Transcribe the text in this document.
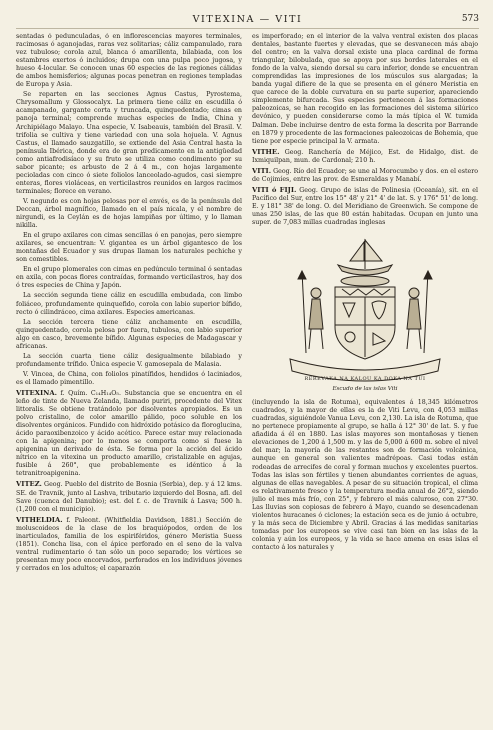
VITEXINA — VITI	573

sentadas ó pedunculadas, ó en inflorescencias mayores terminales, racimosas ó aganojadas, raras vez solitarias; cáliz campanulado, rara vez tubuloso; corola azul, blanca ó amarillenta, bilabiada, con los estambres exertos ó incluidos; drupa con una pulpa poco jugosa, y hueso 4-locular. Se conocen unas 60 especies de las regiones cálidas de ambos hemisferios; algunas pocas penetran en regiones templadas de Europa y Asia.

Se reparten en las secciones Agnus Castus, Pyrostema, Chrysomallum y Glossocalyx. La primera tiene cáliz en escudilla ó acampanado, gargante corta y truncada, quinquedentado; cimas en panoja terminal; comprende muchas especies de India, China y Archipiélago Malayo. Una especie, V. Isabeauis, también del Brasil. V. trifolia se cultiva y tiene variedad con una sola hojuela. V. Agnus Castus, el llamado sauzgatillo, se extiende del Asia Central hasta la península Ibérica, donde era de gran predicamento en la antigüedad como antiafrodisíaco y su fruto se utiliza como condimento por su sabor picante; es arbusto de 2 á 4 m., con hojas largamente pecioladas con cinco ó siete foliolos lanceolado-agudos, casi siempre enteras, flores violáceas, en verticilastros reunidos en largos racimos terminales; florece en verano.

V. negundo es con hojas pelosas por el envés, es de la península del Deccan, árbol magnífico, llamado en el país nicala, y el nombre de nirgundi, es la Ceylán es de hojas lampiñas por último, y lo llaman nikilla.

En el grupo axilares con cimas sencillas ó en panojas, pero siempre axilares, se encuentran: V. gigantea es un árbol gigantesco de los montañas del Ecuador y sus drupas llaman los naturales pechiche y son comestibles.

En el grupo plomerales con cimas en pedúnculo terminal ó sentadas en axila, con pocas flores contraídas, formando verticilastros, hay dos ó tres especies de China y Japón.

La sección segunda tiene cáliz en escudilla embudada, con limbo foliáceo, profundamente quinquefido, corola con labio superior bífido, recto ó cilindráceo, cima axilares. Especies americanas.

La sección tercera tiene cáliz anchamente en escudilla, quinquedentado, corola pelosa por fuera, tubulosa, con labio superior algo en casco, brevemente bífido. Algunas especies de Madagascar y africanas.

La sección cuarta tiene cáliz desigualmente bilabiado y profundamente trífido. Única especie V. gamosepala de Malasia.

V. Vincea, de China, con foliolos pinatífidos, hendidos ó laciniados, es el llamado pimentillo.

VITEXINA. f. Quím. C₁₄H₁₄O₅. Substancia que se encuentra en el leño de tinte de Nueva Zelanda, llamado puriri, procedente del Vitex littoralis. Se obtiene tratándolo por disolventes apropiados. Es un polvo cristalino, de color amarillo pálido, poco soluble en los disolventes orgánicos. Fundido con hidróxido potásico da floroglucina, ácido paraoxibenzoico y ácido acético. Parece estar muy relacionada con la apigenina; por lo menos se comporta como si fuese la apigenina un derivado de ésta. Se forma por la acción del ácido nítrico en la vitexina un producto amarillo, cristalizable en agujas, fusible á 260°, que probablemente es idéntico á la tetranitroapigenina.

VITEZ. Geog. Pueblo del distrito de Bosnia (Serbia), dep. y á 12 kms. SE. de Travnik, junto al Lashva, tributario izquierdo del Bosna, afl. del Save (cuenca del Danubio); est. del f. c. de Travnik á Lasva; 500 h. (1,200 con el municipio).

VITHELDIA. f. Paleont. (Whitfieldia Davidson, 1881.) Sección de moluscoideos de la clase de los braquiópodos, orden de los inarticulados, familia de los espiriféridos, género Meristia Suess (1851). Concha lisa, con el ápice perforado en el seno de la valva ventral rudimentario ó tan sólo un poco separado; los vértices se presentan muy poco encorvados, perforados en los individuos jóvenes y cerrados en los adultos; el caparazón

es imperforado; en el interior de la valva ventral existen dos placas dentales, bastante fuertes y elevadas, que se desvanecen más abajo del centro; en la valva dorsal existe una placa cardinal de forma triangular, bilobulada, que se apoya por sus bordes laterales en el fondo de la valva, siendo dorsal su cara inferior, donde se encuentran comprendidas las impresiones de los músculos sus alargadas; la banda yugal difiere de la que se presenta en el género Meristia en que carece de la doble curvatura en su parte superior, apareciendo simplemente bifurcada. Sus especies pertenecen á las formaciones paleozoicas, se han recogido en las formaciones del sistema silúrico devónico, y pueden considerarse como la más típica el W. tumida Dalman. Debe incluirse dentro de esta forma la descrita por Barrande en 1879 y procedente de las formaciones paleozoicas de Bohemia, que tiene por especie principal la V. armata.

VITHE. Geog. Ranchería de Méjico, Est. de Hidalgo, dist. de Ixmiquilpan, mun. de Cardonal; 210 h.

VITI. Geog. Río del Ecuador; se une al Morocumbo y dos. en el estero de Cojimíes, entre las prov. de Esmeraldas y Manabí.

VITI ó FIJI. Geog. Grupo de islas de Polinesia (Oceanía), sit. en el Pacífico del Sur, entre los 15° 48' y 21° 4' de lat. S. y 176° 51' de long. E. y 181° 38' de long. O. del Meridiano de Greenwich. Se compone de unas 250 islas, de las que 80 están habitadas. Ocupan en junto una super. de 7,083 millas cuadradas inglesas

REREVAKA NA KALOU KA DOKA NA TUI
Escudo de las islas Viti

(incluyendo la isla de Rotuma), equivalentes á 18,345 kilómetros cuadrados, y la mayor de ellas es la de Viti Levu, con 4,053 millas cuadradas, siguiéndole Vanua Levu, con 2,130. La isla de Rotuma, que no pertenece propiamente al grupo, se halla á 12° 30' de lat. S. y fue añadida á él en 1880. Las islas mayores son montañosas y tienen elevaciones de 1,200 á 1,500 m. y las de 5,000 á 600 m. sobre el nivel del mar; la mayoría de las restantes son de formación volcánica, aunque en general son valientes madrépoas. Casi todas están rodeadas de arrecifes de coral y forman muchos y excelentes puertos. Todas las islas son fértiles y tienen abundantes corrientes de aguas, algunas de ellas navegables. A pesar de su situación tropical, el clima es relativamente fresco y la temperatura media anual de 26°2, siendo julio el mes más frío, con 25°, y febrero el más caluroso, con 27°30. Las lluvias son copiosas de febrero á Mayo, cuando se desencadenan violentos huracanes ó ciclones; la estación seca es de junio á octubre, y la más seca de Diciembre y Abril. Gracias á las medidas sanitarias tomadas por los europeos se vive casi tan bien en las islas de la colonia y aún los europeos, y la vida se hace amena en esas islas el contacto á los naturales y
